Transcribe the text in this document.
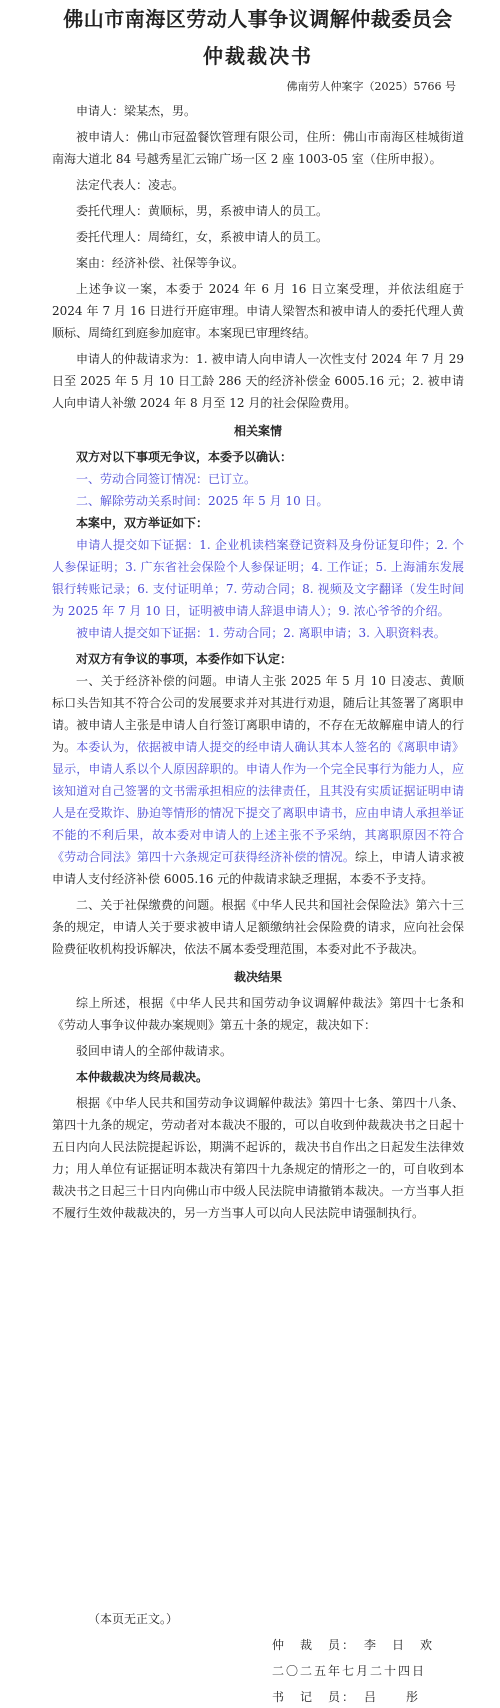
佛山市南海区劳动人事争议调解仲裁委员会
仲裁裁决书
佛南劳人仲案字（2025）5766 号

申请人：梁某杰，男。

被申请人：佛山市冠盈餐饮管理有限公司，住所：佛山市南海区桂城街道南海大道北 84 号越秀星汇云锦广场一区 2 座 1003-05 室（住所申报）。

法定代表人：凌志。

委托代理人：黄顺标，男，系被申请人的员工。

委托代理人：周绮红，女，系被申请人的员工。

案由：经济补偿、社保等争议。

上述争议一案，本委于 2024 年 6 月 16 日立案受理，并依法组庭于 2024 年 7 月 16 日进行开庭审理。申请人梁智杰和被申请人的委托代理人黄顺标、周绮红到庭参加庭审。本案现已审理终结。

申请人的仲裁请求为：1. 被申请人向申请人一次性支付 2024 年 7 月 29 日至 2025 年 5 月 10 日工龄 286 天的经济补偿金 6005.16 元；2. 被申请人向申请人补缴 2024 年 8 月至 12 月的社会保险费用。

相关案情

双方对以下事项无争议，本委予以确认：

一、劳动合同签订情况：已订立。

二、解除劳动关系时间：2025 年 5 月 10 日。

本案中，双方举证如下：

申请人提交如下证据：1. 企业机读档案登记资料及身份证复印件；2. 个人参保证明；3. 广东省社会保险个人参保证明；4. 工作证；5. 上海浦东发展银行转账记录；6. 支付证明单；7. 劳动合同；8. 视频及文字翻译（发生时间为 2025 年 7 月 10 日，证明被申请人辞退申请人）；9. 浓心爷爷的介绍。

被申请人提交如下证据：1. 劳动合同；2. 离职申请；3. 入职资料表。

对双方有争议的事项，本委作如下认定：

一、关于经济补偿的问题。申请人主张 2025 年 5 月 10 日凌志、黄顺标口头告知其不符合公司的发展要求并对其进行劝退，随后让其签署了离职申请。被申请人主张是申请人自行签订离职申请的，不存在无故解雇申请人的行为。本委认为，依据被申请人提交的经申请人确认其本人签名的《离职申请》显示，申请人系以个人原因辞职的。申请人作为一个完全民事行为能力人，应该知道对自己签署的文书需承担相应的法律责任，且其没有实质证据证明申请人是在受欺诈、胁迫等情形的情况下提交了离职申请书，应由申请人承担举证不能的不利后果，故本委对申请人的上述主张不予采纳，其离职原因不符合《劳动合同法》第四十六条规定可获得经济补偿的情况。综上，申请人请求被申请人支付经济补偿 6005.16 元的仲裁请求缺乏理据，本委不予支持。

二、关于社保缴费的问题。根据《中华人民共和国社会保险法》第六十三条的规定，申请人关于要求被申请人足额缴纳社会保险费的请求，应向社会保险费征收机构投诉解决，依法不属本委受理范围，本委对此不予裁决。

裁决结果

综上所述，根据《中华人民共和国劳动争议调解仲裁法》第四十七条和《劳动人事争议仲裁办案规则》第五十条的规定，裁决如下：

驳回申请人的全部仲裁请求。

本仲裁裁决为终局裁决。

根据《中华人民共和国劳动争议调解仲裁法》第四十七条、第四十八条、第四十九条的规定，劳动者对本裁决不服的，可以自收到仲裁裁决书之日起十五日内向人民法院提起诉讼，期满不起诉的，裁决书自作出之日起发生法律效力；用人单位有证据证明本裁决有第四十九条规定的情形之一的，可自收到本裁决书之日起三十日内向佛山市中级人民法院申请撤销本裁决。一方当事人拒不履行生效仲裁裁决的，另一方当事人可以向人民法院申请强制执行。

（本页无正文。）
仲　裁　员：　李　日　欢
二〇二五年七月二十四日
书　记　员：　吕　　彤
